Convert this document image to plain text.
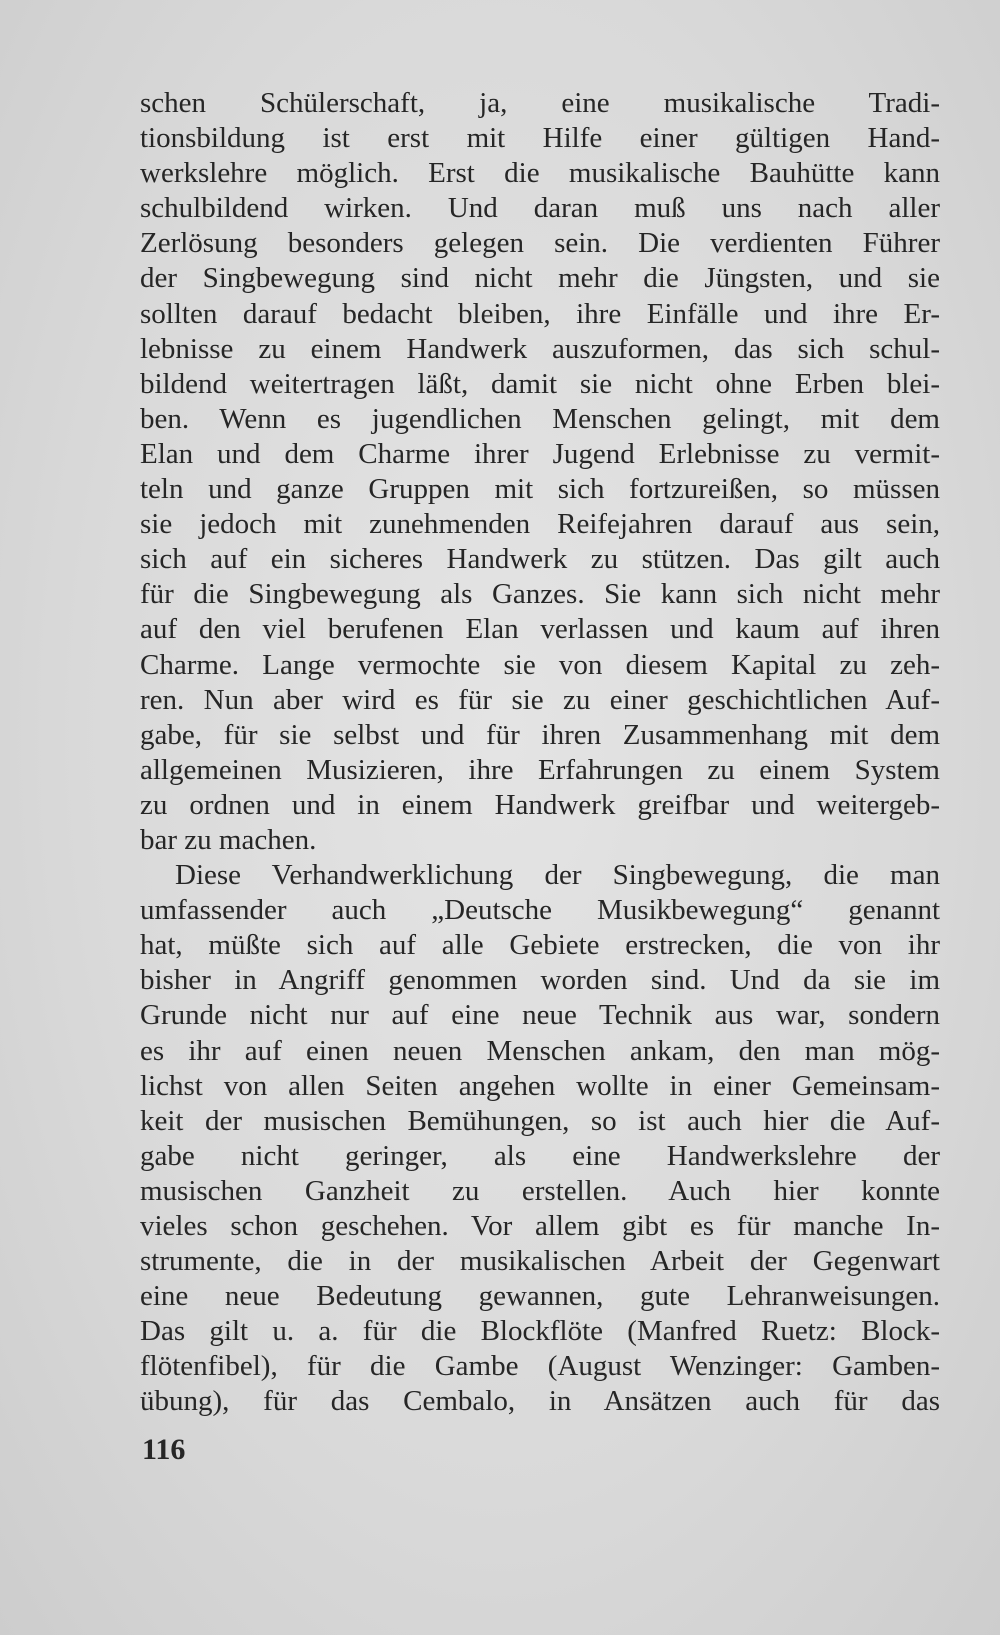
schen Schülerschaft, ja, eine musikalische Tradi-
tionsbildung ist erst mit Hilfe einer gültigen Hand-
werkslehre möglich. Erst die musikalische Bauhütte kann
schulbildend wirken. Und daran muß uns nach aller
Zerlösung besonders gelegen sein. Die verdienten Führer
der Singbewegung sind nicht mehr die Jüngsten, und sie
sollten darauf bedacht bleiben, ihre Einfälle und ihre Er-
lebnisse zu einem Handwerk auszuformen, das sich schul-
bildend weitertragen läßt, damit sie nicht ohne Erben blei-
ben. Wenn es jugendlichen Menschen gelingt, mit dem
Elan und dem Charme ihrer Jugend Erlebnisse zu vermit-
teln und ganze Gruppen mit sich fortzureißen, so müssen
sie jedoch mit zunehmenden Reifejahren darauf aus sein,
sich auf ein sicheres Handwerk zu stützen. Das gilt auch
für die Singbewegung als Ganzes. Sie kann sich nicht mehr
auf den viel berufenen Elan verlassen und kaum auf ihren
Charme. Lange vermochte sie von diesem Kapital zu zeh-
ren. Nun aber wird es für sie zu einer geschichtlichen Auf-
gabe, für sie selbst und für ihren Zusammenhang mit dem
allgemeinen Musizieren, ihre Erfahrungen zu einem System
zu ordnen und in einem Handwerk greifbar und weitergeb-
bar zu machen.
Diese Verhandwerklichung der Singbewegung, die man
umfassender auch „Deutsche Musikbewegung“ genannt
hat, müßte sich auf alle Gebiete erstrecken, die von ihr
bisher in Angriff genommen worden sind. Und da sie im
Grunde nicht nur auf eine neue Technik aus war, sondern
es ihr auf einen neuen Menschen ankam, den man mög-
lichst von allen Seiten angehen wollte in einer Gemeinsam-
keit der musischen Bemühungen, so ist auch hier die Auf-
gabe nicht geringer, als eine Handwerkslehre der
musischen Ganzheit zu erstellen. Auch hier konnte
vieles schon geschehen. Vor allem gibt es für manche In-
strumente, die in der musikalischen Arbeit der Gegenwart
eine neue Bedeutung gewannen, gute Lehranweisungen.
Das gilt u. a. für die Blockflöte (Manfred Ruetz: Block-
flötenfibel), für die Gambe (August Wenzinger: Gamben-
übung), für das Cembalo, in Ansätzen auch für das
116
